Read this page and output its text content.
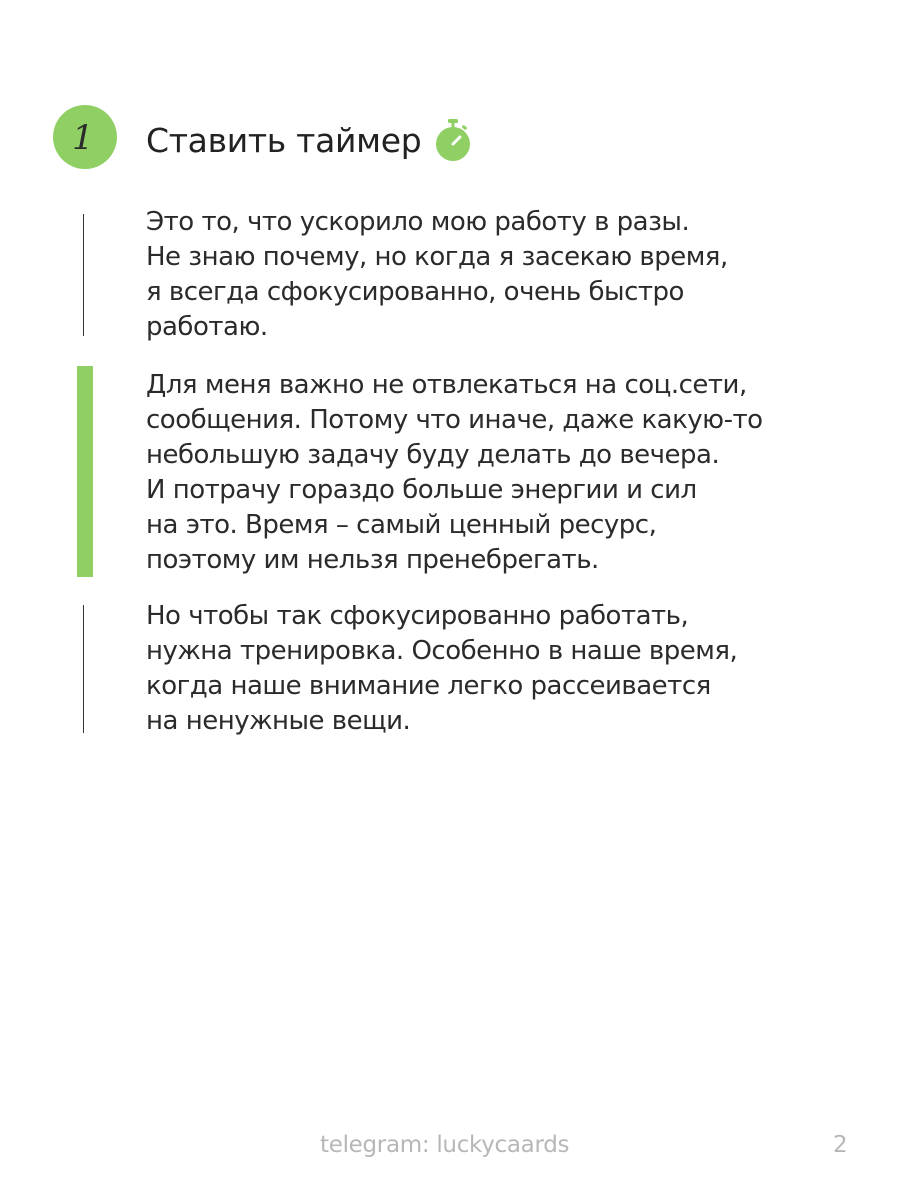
1 Ставить таймер
Это то, что ускорило мою работу в разы.
Не знаю почему, но когда я засекаю время,
я всегда сфокусированно, очень быстро
работаю.
Для меня важно не отвлекаться на соц.сети,
сообщения. Потому что иначе, даже какую-то
небольшую задачу буду делать до вечера.
И потрачу гораздо больше энергии и сил
на это. Время – самый ценный ресурс,
поэтому им нельзя пренебрегать.
Но чтобы так сфокусированно работать,
нужна тренировка. Особенно в наше время,
когда наше внимание легко рассеивается
на ненужные вещи.
telegram: luckycaards	2
